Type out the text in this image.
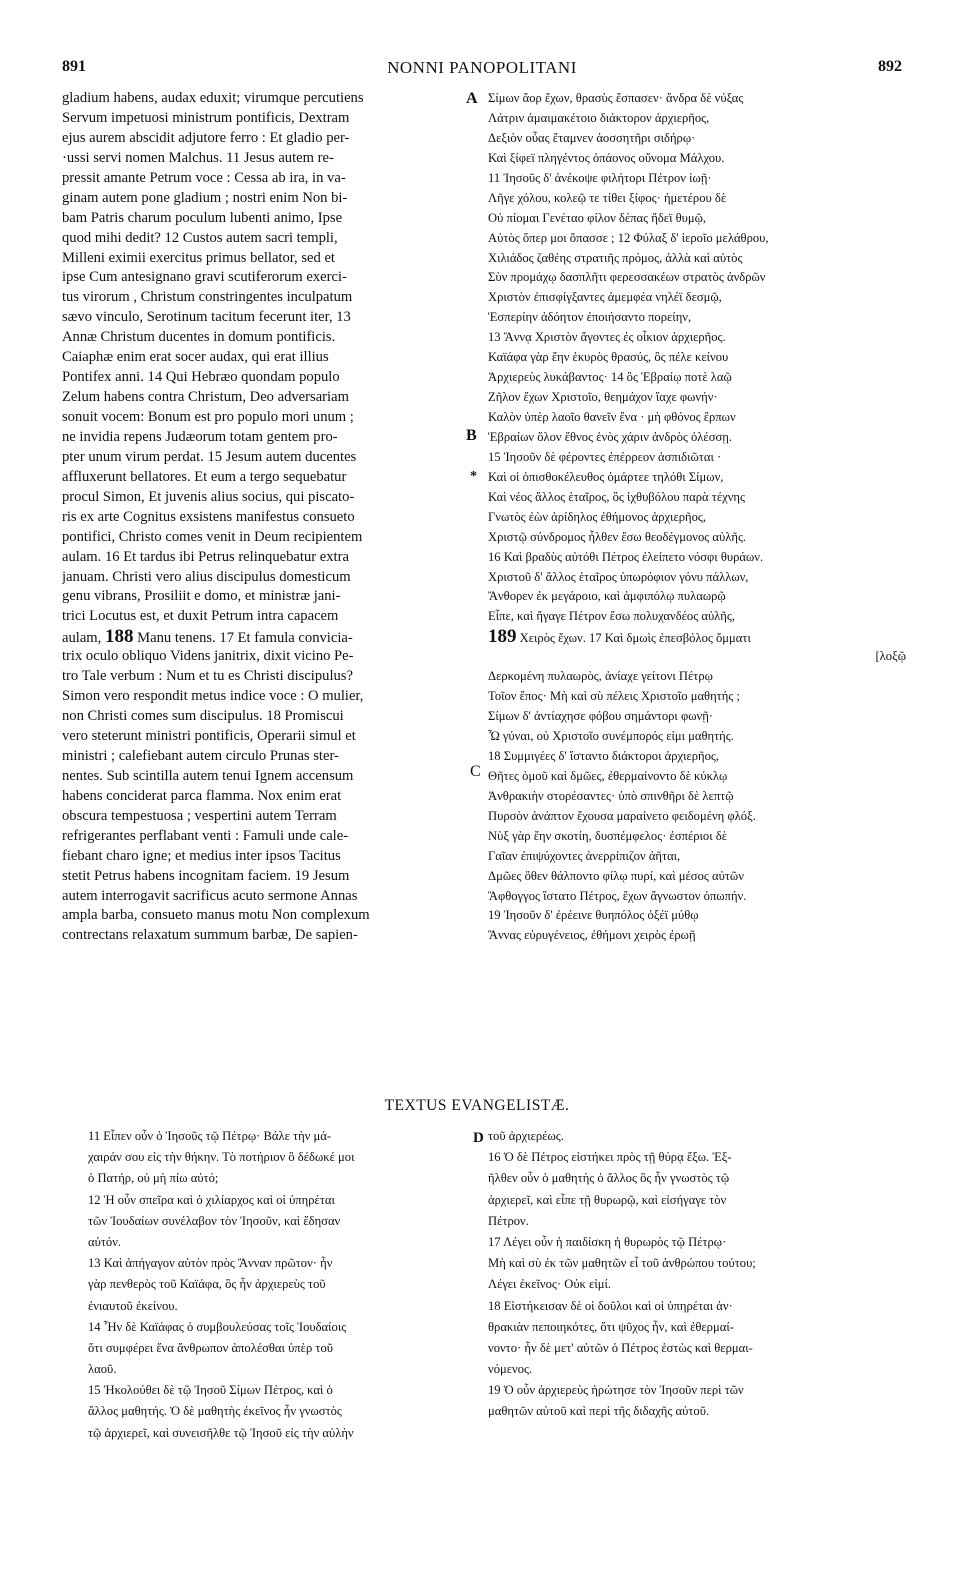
891	NONNI PANOPOLITANI	892
gladium habens, audax eduxit; virumque percutiens
Servum impetuosi ministrum pontificis, Dextram
ejus aurem abscidit adjutore ferro : Et gladio per-
·ussi servi nomen Malchus. 11 Jesus autem re-
pressit amante Petrum voce : Cessa ab ira, in va-
ginam autem pone gladium ; nostri enim Non bi-
bam Patris charum poculum lubenti animo, Ipse
quod mihi dedit? 12 Custos autem sacri templi,
Milleni eximii exercitus primus bellator, sed et
ipse Cum antesignano gravi scutiferorum exerci-
tus virorum , Christum constringentes inculpatum
sævo vinculo, Serotinum tacitum fecerunt iter, 13
Annæ Christum ducentes in domum pontificis.
Caiaphæ enim erat socer audax, qui erat illius
Pontifex anni. 14 Qui Hebræo quondam populo
Zelum habens contra Christum, Deo adversariam
sonuit vocem: Bonum est pro populo mori unum ;
ne invidia repens Judæorum totam gentem pro-
pter unum virum perdat. 15 Jesum autem ducentes
affluxerunt bellatores. Et eum a tergo sequebatur
procul Simon, Et juvenis alius socius, qui piscato-
ris ex arte Cognitus exsistens manifestus consueto
pontifici, Christo comes venit in Deum recipientem
aulam. 16 Et tardus ibi Petrus relinquebatur extra
januam. Christi vero alius discipulus domesticum
genu vibrans, Prosiliit e domo, et ministræ jani-
trici Locutus est, et duxit Petrum intra capacem
aulam, 188 Manu tenens. 17 Et famula convicia-
trix oculo obliquo Videns janitrix, dixit vicino Pe-
tro Tale verbum : Num et tu es Christi discipulus?
Simon vero respondit metus indice voce : O mulier,
non Christi comes sum discipulus. 18 Promiscui
vero steterunt ministri pontificis, Operarii simul et
ministri ; calefiebant autem circulo Prunas ster-
nentes. Sub scintilla autem tenui Ignem accensum
habens conciderat parca flamma. Nox enim erat
obscura tempestuosa ; vespertini autem Terram
refrigerantes perflabant venti : Famuli unde cale-
fiebant charo igne; et medius inter ipsos Tacitus
stetit Petrus habens incognitam faciem. 19 Jesum
autem interrogavit sacrificus acuto sermone Annas
ampla barba, consueto manus motu Non complexum
contrectans relaxatum summum barbæ, De sapien-
Σίμων ἄορ ἔχων, θρασὺς ἔσπασεν· ἄνδρα δὲ νύξας
Λάτριν ἀμαιμακέτοιο διάκτορον ἀρχιερῆος,
Δεξιὸν οὖας ἔταμνεν ἀοσσητῆρι σιδήρῳ·
Καὶ ξίφεϊ πληγέντος ὀπάονος οὔνομα Μάλχου.
11 Ἰησοῦς δ' ἀνέκοψε φιλήτορι Πέτρον ἰωῇ·
Λῆγε χόλου, κολεῷ τε τίθει ξίφος· ἡμετέρου δὲ
Οὐ πίομαι Γενέταο φίλον δέπας ἤδεϊ θυμῷ,
Αὐτὸς ὅπερ μοι ὄπασσε ; 12 Φύλαξ δ' ἱεροῖο μελάθρου,
Χιλιάδος ζαθέης στρατιῆς πρόμος, ἀλλὰ καὶ αὐτὸς
Σὺν προμάχῳ δασπλῆτι φερεσσακέων στρατὸς ἀνδρῶν
Χριστὸν ἐπισφίγξαντες ἀμεμφέα νηλέϊ δεσμῷ,
Ἑσπερίην ἀδόητον ἐποιήσαντο πορείην,
13 Ἄννᾳ Χριστὸν ἄγοντες ἐς οἶκιον ἀρχιερῆος.
Καϊάφα γὰρ ἔην ἑκυρὸς θρασύς, ὃς πέλε κείνου
Ἀρχιερεὺς λυκάβαντος· 14 ὃς Ἑβραίῳ ποτὲ λαῷ
Ζῆλον ἔχων Χριστοῖο, θεημάχον ἴαχε φωνήν·
Καλὸν ὑπὲρ λαοῖο θανεῖν ἕνα · μὴ φθόνος ἕρπων
Ἑβραίων ὅλον ἔθνος ἑνὸς χάριν ἀνδρὸς ὀλέσσῃ.
15 Ἰησοῦν δὲ φέροντες ἐπέρρεον ἀσπιδιῶται ·
Καὶ οἱ ὀπισθοκέλευθος ὁμάρτεε τηλόθι Σίμων,
Καὶ νέος ἄλλος ἑταῖρος, ὃς ἰχθυβόλου παρὰ τέχνης
Γνωτὸς ἐὼν ἀρίδηλος ἐθήμονος ἀρχιερῆος,
Χριστῷ σύνδρομος ἦλθεν ἔσω θεοδέγμονος αὐλῆς.
16 Καὶ βραδὺς αὐτόθι Πέτρος ἐλείπετο νόσφι θυράων.
Χριστοῦ δ' ἄλλος ἑταῖρος ὑπωρόφιον γόνυ πάλλων,
Ἄνθορεν ἐκ μεγάροιο, καὶ ἀμφιπόλῳ πυλαωρῷ
Εἶπε, καὶ ἤγαγε Πέτρον ἔσω πολυχανδέος αὐλῆς,
189 Χειρὸς ἔχων. 17 Καὶ δμωὶς ἐπεσβόλος ὄμματι
[λοξῷ
Δερκομένη πυλαωρὸς, ἀνίαχε γείτονι Πέτρῳ
Τοῖον ἔπος· Μὴ καὶ σὺ πέλεις Χριστοῖο μαθητής ;
Σίμων δ' ἀντίαχησε φόβου σημάντορι φωνῇ·
Ὦ γύναι, οὐ Χριστοῖο συνέμπορός εἰμι μαθητής.
18 Συμμιγέες δ' ἵσταντο διάκτοροι ἀρχιερῆος,
Θῆτες ὁμοῦ καὶ δμῶες, ἐθερμαίνοντο δὲ κύκλῳ
Ἀνθρακιὴν στορέσαντες· ὑπὸ σπινθῆρι δὲ λεπτῷ
Πυρσὸν ἀνάπτον ἔχουσα μαραίνετο φειδομένη φλόξ.
Νὺξ γὰρ ἔην σκοτίη, δυσπέμφελος· ἑσπέριοι δὲ
Γαῖαν ἐπιψύχοντες ἀνερρίπιζον ἀῆται,
Δμῶες ὅθεν θάλποντο φίλῳ πυρί, καὶ μέσος αὐτῶν
Ἄφθογγος ἵστατο Πέτρος, ἔχων ἄγνωστον ὀπωπήν.
19 Ἰησοῦν δ' ἐρέεινε θυηπόλος ὀξέϊ μύθῳ
Ἄννας εὐρυγένειος, ἐθήμονι χειρὸς ἐρωῇ
A
B
C
*
TEXTUS EVANGELISTÆ.
D
11 Εἶπεν οὖν ὁ Ἰησοῦς τῷ Πέτρῳ· Βάλε τὴν μά-
χαιράν σου εἰς τὴν θήκην. Τὸ ποτήριον ὃ δέδωκέ μοι
ὁ Πατήρ, οὐ μὴ πίω αὐτό;
12 Ἡ οὖν σπεῖρα καὶ ὁ χιλίαρχος καὶ οἱ ὑπηρέται
τῶν Ἰουδαίων συνέλαβον τὸν Ἰησοῦν, καὶ ἔδησαν
αὐτόν.
13 Καὶ ἀπήγαγον αὐτὸν πρὸς Ἄνναν πρῶτον· ἦν
γὰρ πενθερὸς τοῦ Καϊάφα, ὃς ἦν ἀρχιερεὺς τοῦ
ἐνιαυτοῦ ἐκείνου.
14 Ἦν δὲ Καϊάφας ὁ συμβουλεύσας τοῖς Ἰουδαίοις
ὅτι συμφέρει ἕνα ἄνθρωπον ἀπολέσθαι ὑπὲρ τοῦ
λαοῦ.
15 Ἠκολούθει δὲ τῷ Ἰησοῦ Σίμων Πέτρος, καὶ ὁ
ἄλλος μαθητής. Ὁ δὲ μαθητὴς ἐκεῖνος ἦν γνωστὸς
τῷ ἀρχιερεῖ, καὶ συνεισῆλθε τῷ Ἰησοῦ εἰς τὴν αὐλὴν
τοῦ ἀρχιερέως.
16 Ὁ δὲ Πέτρος εἱστήκει πρὸς τῇ θύρᾳ ἔξω. Ἐξ-
ῆλθεν οὖν ὁ μαθητὴς ὁ ἄλλος ὃς ἦν γνωστὸς τῷ
ἀρχιερεῖ, καὶ εἶπε τῇ θυρωρῷ, καὶ εἰσήγαγε τὸν
Πέτρον.
17 Λέγει οὖν ἡ παιδίσκη ἡ θυρωρὸς τῷ Πέτρῳ·
Μὴ καὶ σὺ ἐκ τῶν μαθητῶν εἶ τοῦ ἀνθρώπου τούτου;
Λέγει ἐκεῖνος· Οὐκ εἰμί.
18 Εἱστήκεισαν δὲ οἱ δοῦλοι καὶ οἱ ὑπηρέται ἀν·
θρακιὰν πεποιηκότες, ὅτι ψῦχος ἦν, καὶ ἐθερμαί-
νοντο· ἦν δὲ μετ' αὐτῶν ὁ Πέτρος ἑστὼς καὶ θερμαι-
νόμενος.
19 Ὁ οὖν ἀρχιερεὺς ἠρώτησε τὸν Ἰησοῦν περὶ τῶν
μαθητῶν αὐτοῦ καὶ περὶ τῆς διδαχῆς αὐτοῦ.
